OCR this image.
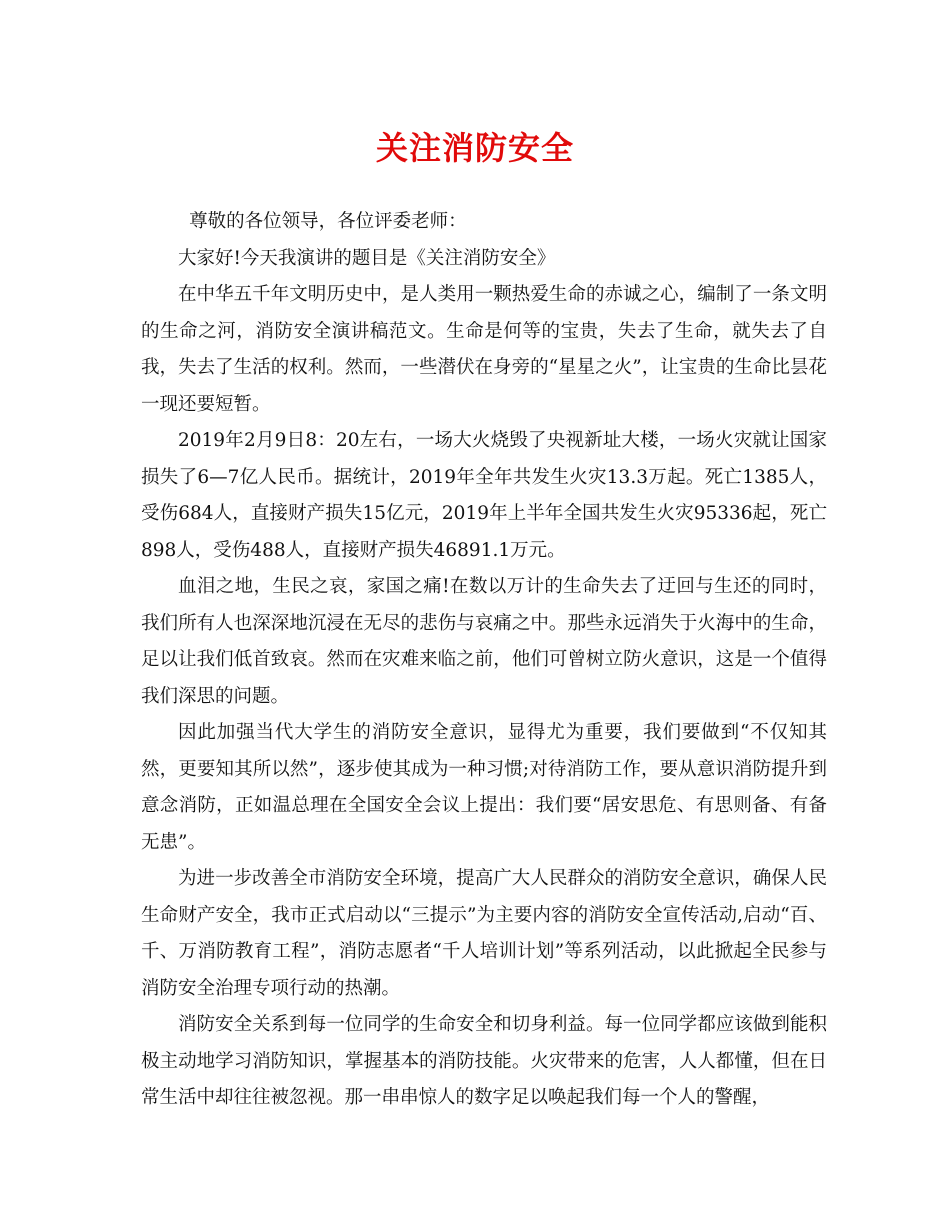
关注消防安全

尊敬的各位领导，各位评委老师：

大家好!今天我演讲的题目是《关注消防安全》

在中华五千年文明历史中，是人类用一颗热爱生命的赤诚之心，编制了一条文明的生命之河，消防安全演讲稿范文。生命是何等的宝贵，失去了生命，就失去了自我，失去了生活的权利。然而，一些潜伏在身旁的“星星之火”，让宝贵的生命比昙花一现还要短暂。

2019年2月9日8：20左右，一场大火烧毁了央视新址大楼，一场火灾就让国家损失了6—7亿人民币。据统计，2019年全年共发生火灾13.3万起。死亡1385人，受伤684人，直接财产损失15亿元，2019年上半年全国共发生火灾95336起，死亡898人，受伤488人，直接财产损失46891.1万元。

血泪之地，生民之哀，家国之痛!在数以万计的生命失去了迂回与生还的同时，我们所有人也深深地沉浸在无尽的悲伤与哀痛之中。那些永远消失于火海中的生命，足以让我们低首致哀。然而在灾难来临之前，他们可曾树立防火意识，这是一个值得我们深思的问题。

因此加强当代大学生的消防安全意识，显得尤为重要，我们要做到“不仅知其然，更要知其所以然”，逐步使其成为一种习惯;对待消防工作，要从意识消防提升到意念消防，正如温总理在全国安全会议上提出：我们要“居安思危、有思则备、有备无患”。

为进一步改善全市消防安全环境，提高广大人民群众的消防安全意识，确保人民生命财产安全，我市正式启动以“三提示”为主要内容的消防安全宣传活动,启动“百、千、万消防教育工程”，消防志愿者“千人培训计划”等系列活动，以此掀起全民参与消防安全治理专项行动的热潮。

消防安全关系到每一位同学的生命安全和切身利益。每一位同学都应该做到能积极主动地学习消防知识，掌握基本的消防技能。火灾带来的危害，人人都懂，但在日常生活中却往往被忽视。那一串串惊人的数字足以唤起我们每一个人的警醒，
